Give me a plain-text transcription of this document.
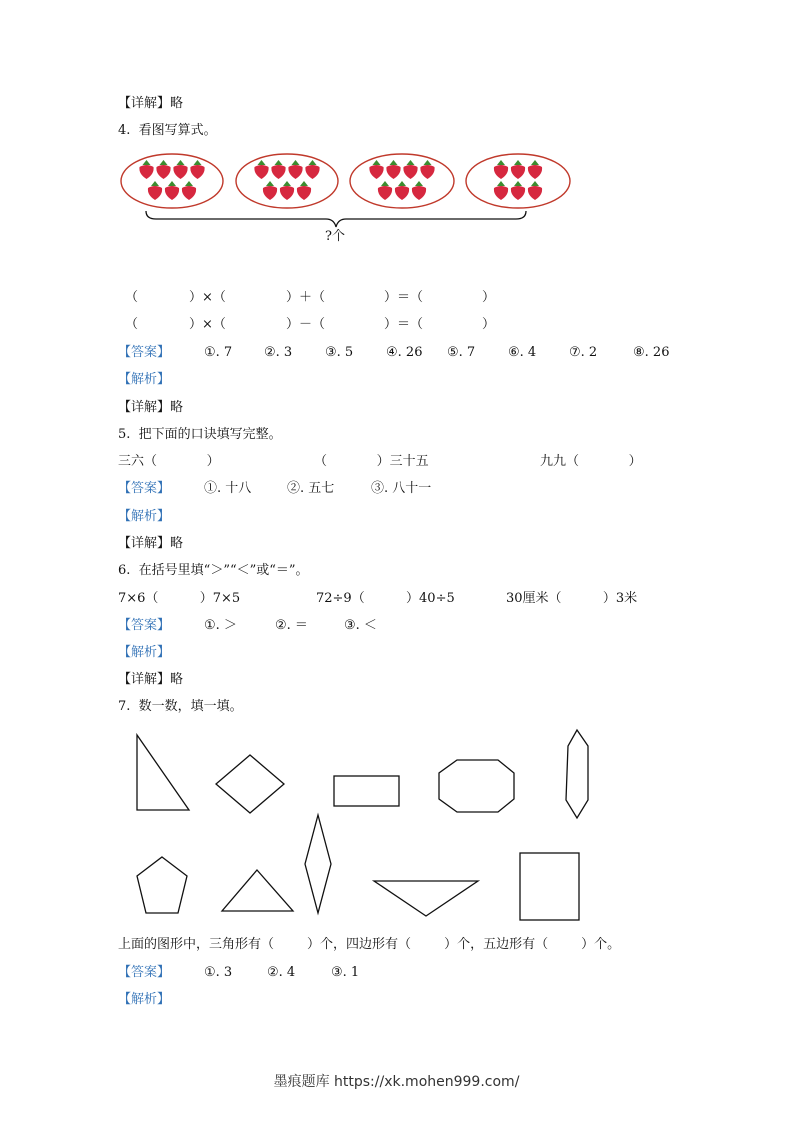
【详解】略
4.  看图写算式。
?个
（	）×（	）＋（	）＝（	）
（	）×（	）－（	）＝（	）
【答案】	①. 7 ②. 3	③. 5	④. 26 ⑤. 7	⑥. 4	⑦. 2	⑧. 26
【解析】
【详解】略
5.  把下面的口诀填写完整。
三六（            ）	（            ）三十五	九九（            ）
【答案】	①. 十八	②. 五七	③. 八十一
【解析】
【详解】略
6.  在括号里填“＞”“＜”或“＝”。
7×6（          ）7×5	72÷9（          ）40÷5	30厘米（          ）3米
【答案】	①. ＞	②. ＝	③. ＜
【解析】
【详解】略
7.  数一数，填一填。
上面的图形中，三角形有（        ）个，四边形有（        ）个，五边形有（        ）个。
【答案】	①. 3	②. 4	③. 1
【解析】
墨痕题库 https://xk.mohen999.com/
